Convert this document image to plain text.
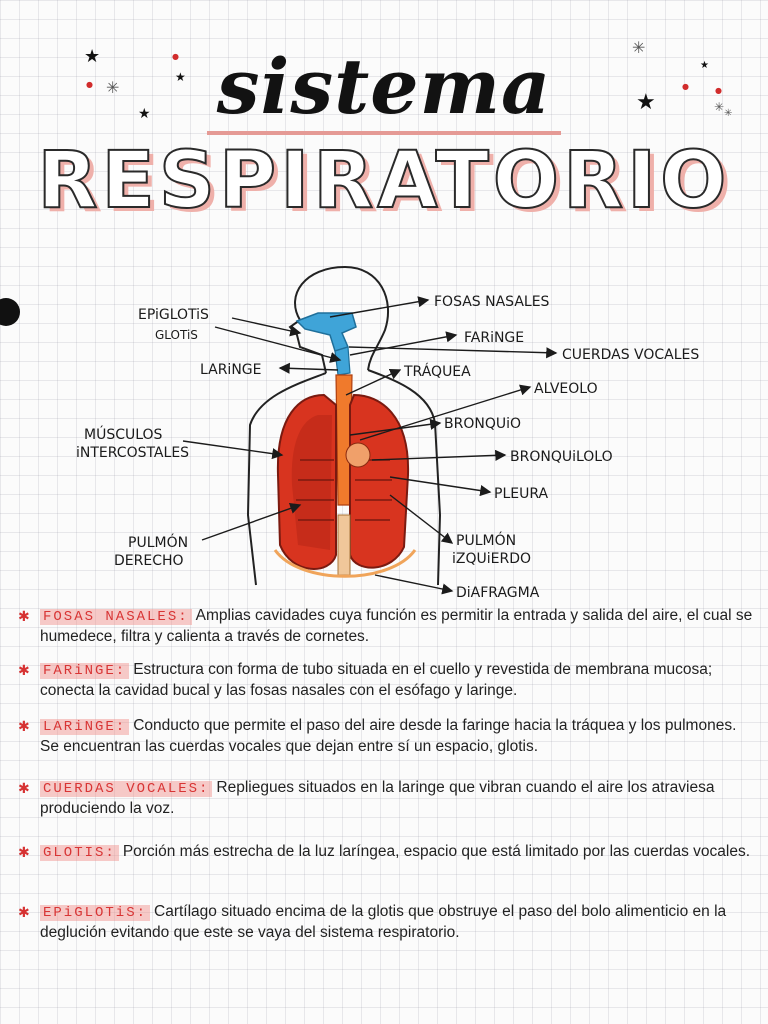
★
★
✳
★
●
●	✳
★
★
✳
●	●
✳
sistema
RESPIRATORIO
EPiGLOTiS
GLOTiS
LARiNGE
MÚSCULOS
iNTERCOSTALES
PULMÓN
DERECHO
FOSAS NASALES
FARiNGE
CUERDAS VOCALES
TRÁQUEA
ALVEOLO
BRONQUiO
BRONQUiLOLO
PLEURA
PULMÓN
iZQUiERDO
DiAFRAGMA
✱ FOSAS NASALES: Amplias cavidades cuya función es permitir la entrada y salida del aire, el cual se humedece, filtra y calienta a través de cornetes.
✱ FARiNGE: Estructura con forma de tubo situada en el cuello y revestida de membrana mucosa; conecta la cavidad bucal y las fosas nasales con el esófago y laringe.
✱ LARiNGE: Conducto que permite el paso del aire desde la faringe hacia la tráquea y los pulmones. Se encuentran las cuerdas vocales que dejan entre sí un espacio, glotis.
✱ CUERDAS VOCALES: Repliegues situados en la laringe que vibran cuando el aire los atraviesa produciendo la voz.
✱ GLOTIS: Porción más estrecha de la luz laríngea, espacio que está limitado por las cuerdas vocales.
✱ EPiGLOTiS: Cartílago situado encima de la glotis que obstruye el paso del bolo alimenticio en la deglución evitando que este se vaya del sistema respiratorio.
